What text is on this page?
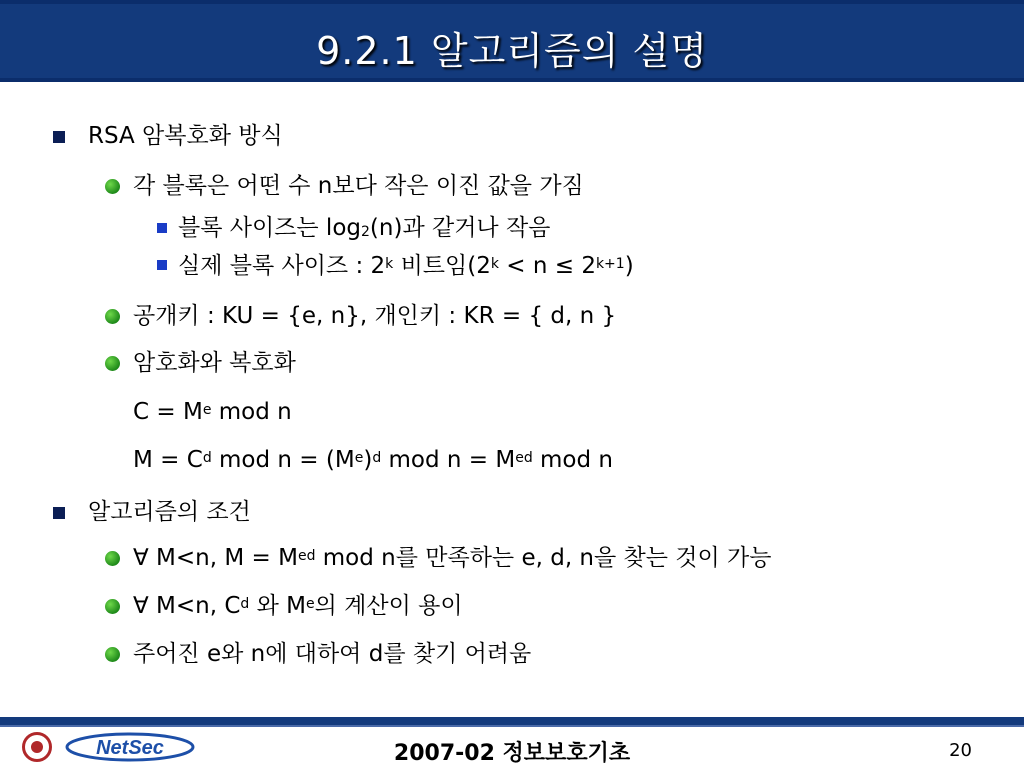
9.2.1 알고리즘의 설명
RSA 암복호화 방식
각 블록은 어떤 수 n보다 작은 이진 값을 가짐
블록 사이즈는 $\log_2(n)$과 같거나 작음
실제 블록 사이즈 : 2$^k$ 비트임$(2^k < n \le 2^{k+1})$
공개키 : KU = {e, n}, 개인키 : KR = { d, n }
암호화와 복호화
$C = M^e$ mod n
$M = C^d$ mod $n = (M^e)^d$ mod $n = M^{ed}$ mod n
알고리즘의 조건
∀ M<n, $M = M^{ed}$ mod n를 만족하는 e, d, n을 찾는 것이 가능
∀ M<n, $C^d$ 와 Me의 계산이 용이
주어진 e와 n에 대하여 d를 찾기 어려움
NetSec	2007-02 정보보호기초	20
